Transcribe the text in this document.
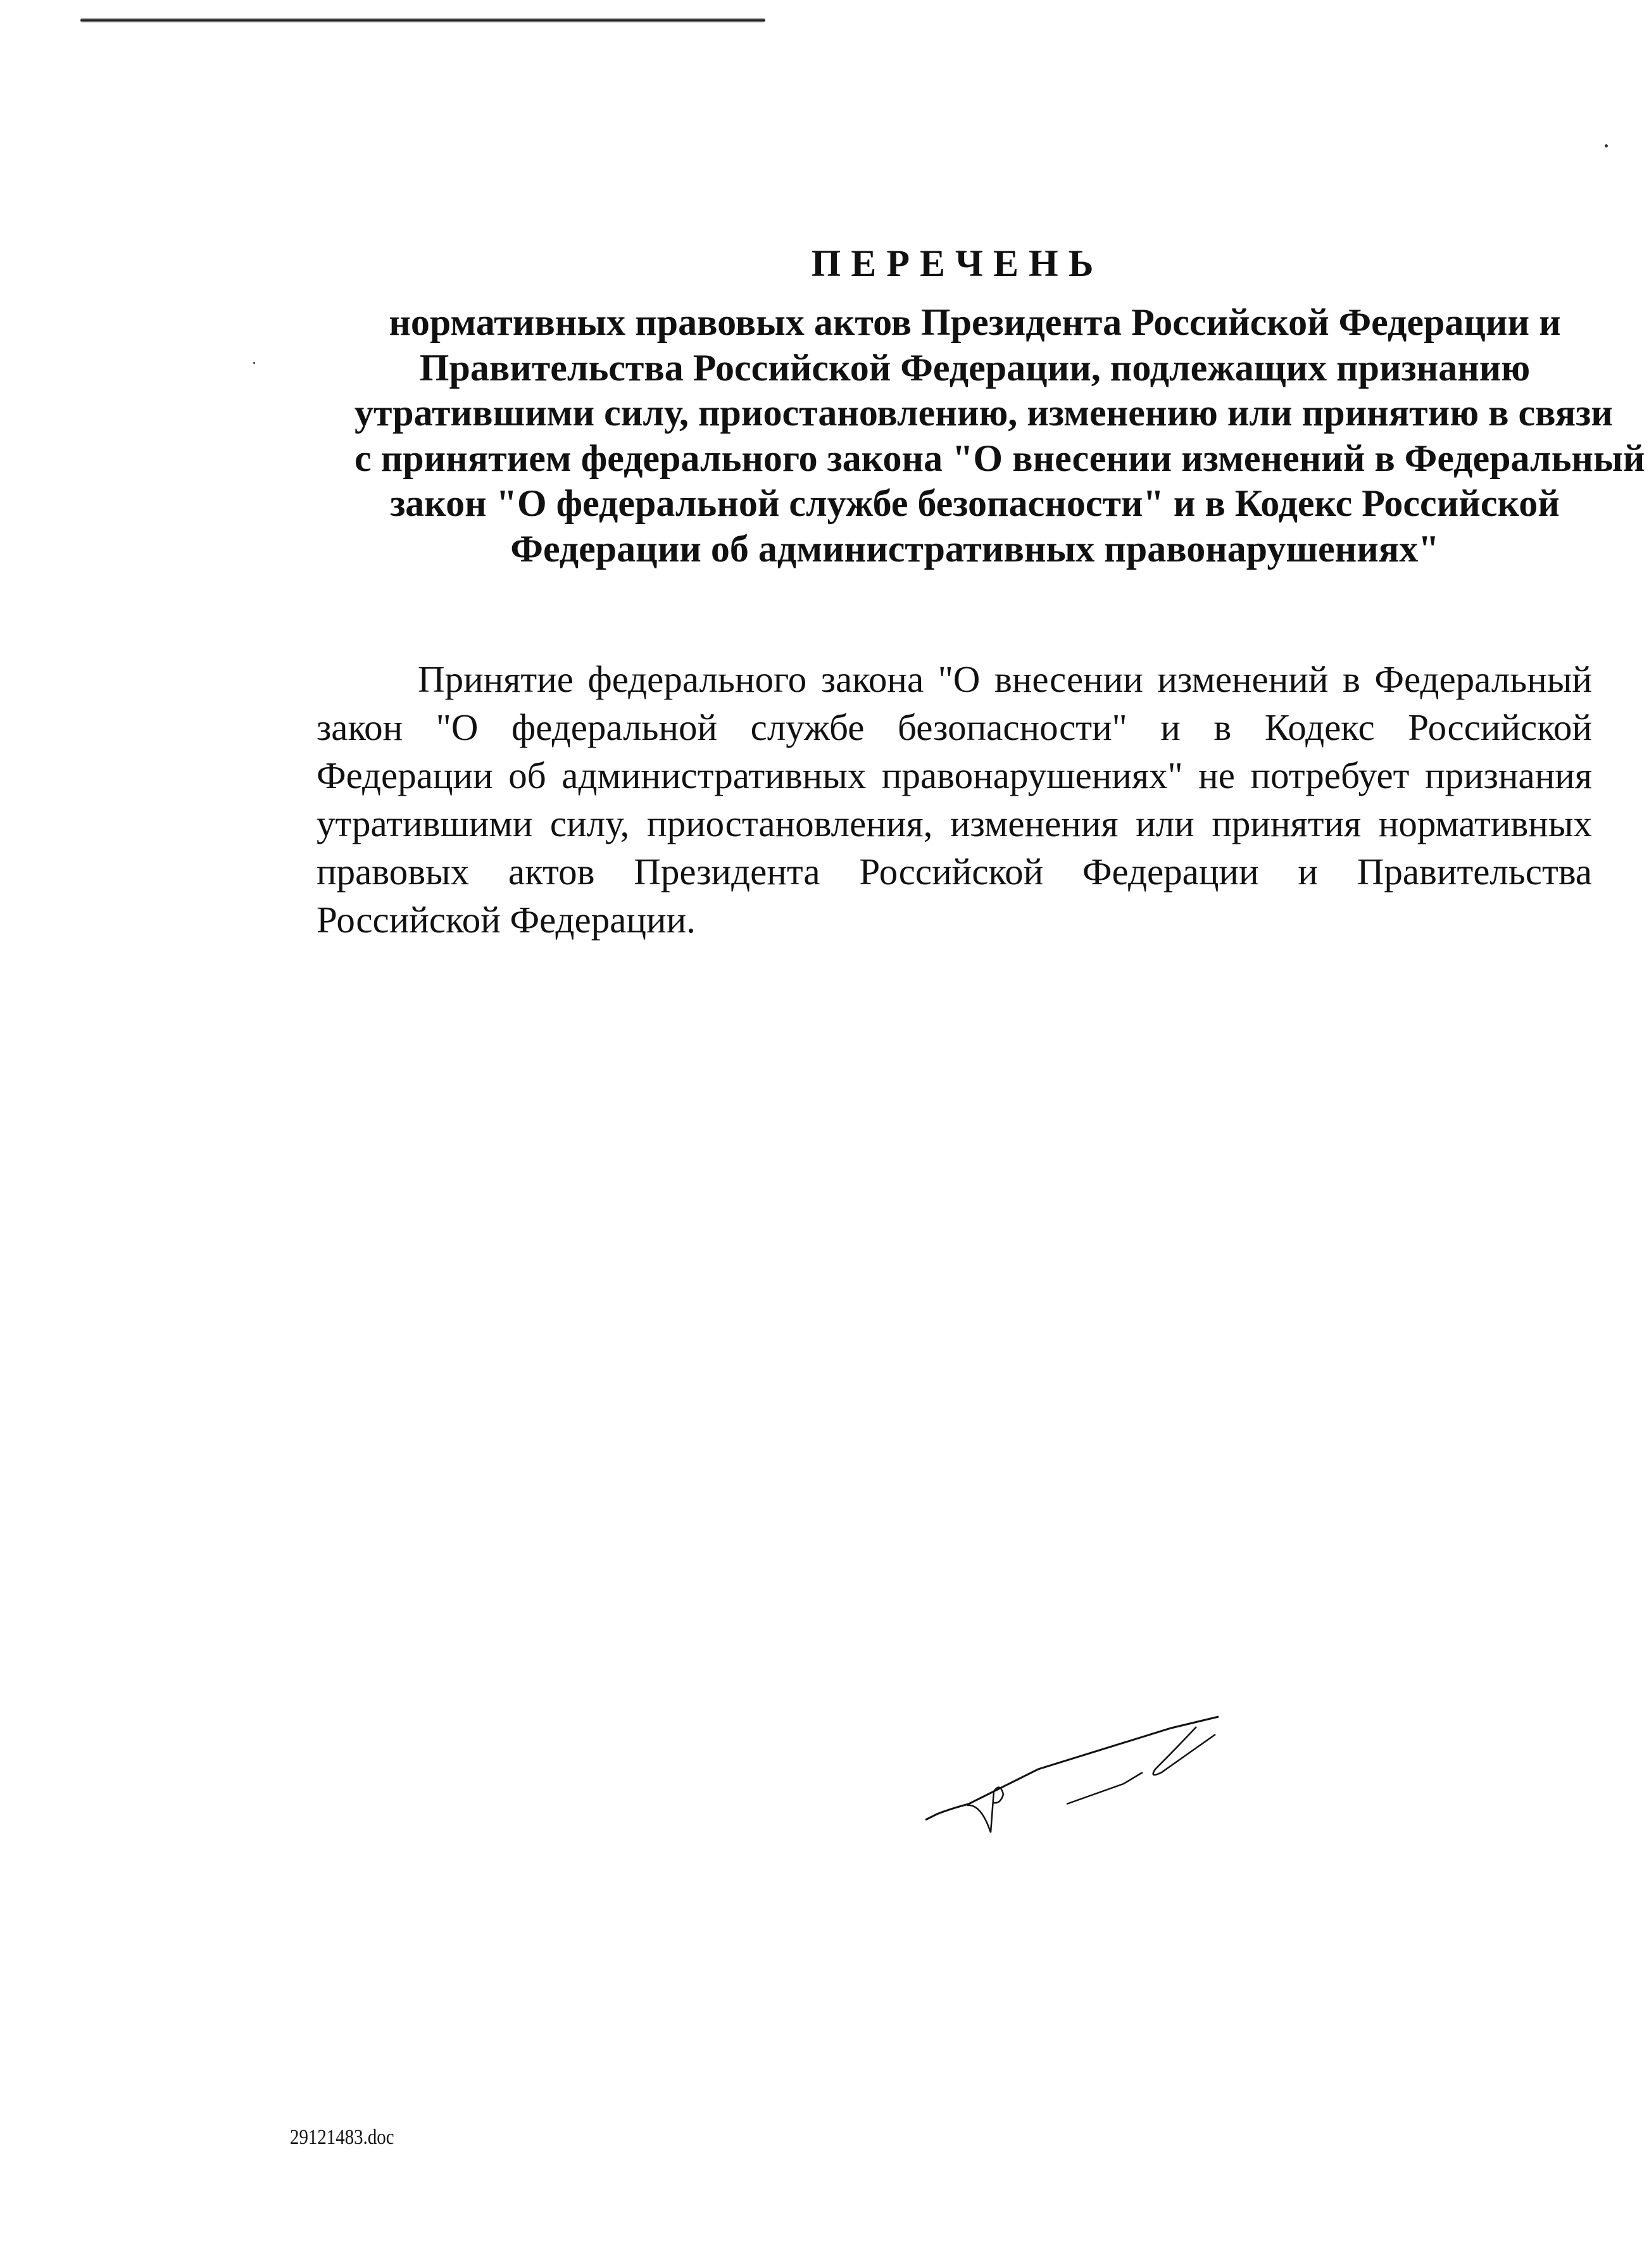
ПЕРЕЧЕНЬ
нормативных правовых актов Президента Российской Федерации и
Правительства Российской Федерации, подлежащих признанию
утратившими силу, приостановлению, изменению или принятию в связи
с принятием федерального закона "О внесении изменений в Федеральный
закон "О федеральной службе безопасности" и в Кодекс Российской
Федерации об административных правонарушениях"
Принятие федерального закона "О внесении изменений в Федеральный
закон "О федеральной службе безопасности" и в Кодекс Российской
Федерации об административных правонарушениях" не потребует признания
утратившими силу, приостановления, изменения или принятия нормативных
правовых актов Президента Российской Федерации и Правительства
Российской Федерации.
29121483.doc
